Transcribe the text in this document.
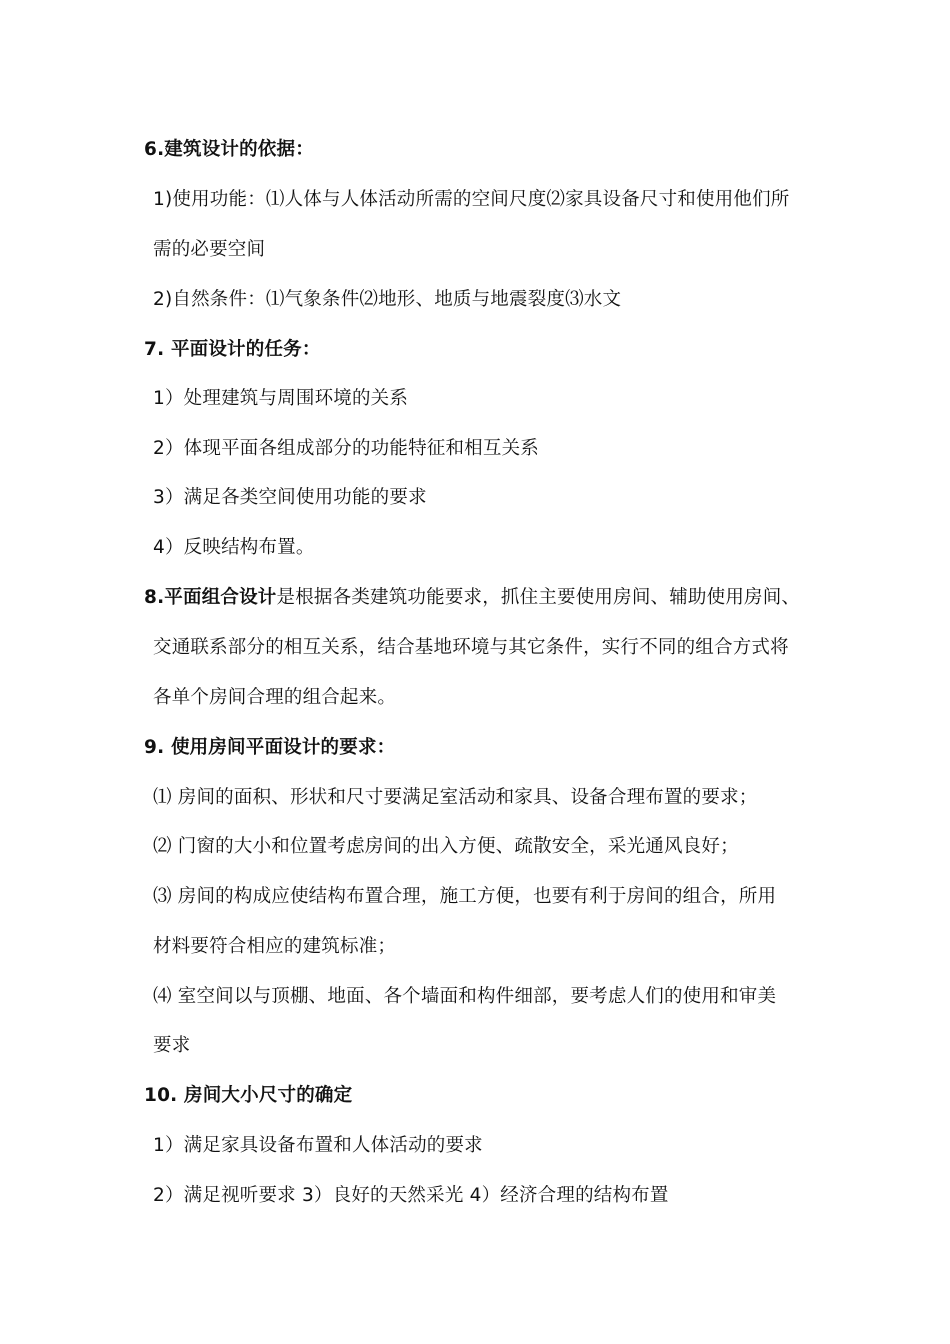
6.建筑设计的依据：
1)使用功能：⑴人体与人体活动所需的空间尺度⑵家具设备尺寸和使用他们所
需的必要空间
2)自然条件：⑴气象条件⑵地形、地质与地震裂度⑶水文
7. 平面设计的任务：
1）处理建筑与周围环境的关系
2）体现平面各组成部分的功能特征和相互关系
3）满足各类空间使用功能的要求
4）反映结构布置。
8.平面组合设计是根据各类建筑功能要求，抓住主要使用房间、辅助使用房间、
交通联系部分的相互关系，结合基地环境与其它条件，实行不同的组合方式将
各单个房间合理的组合起来。
9. 使用房间平面设计的要求：
⑴ 房间的面积、形状和尺寸要满足室活动和家具、设备合理布置的要求；
⑵ 门窗的大小和位置考虑房间的出入方便、疏散安全，采光通风良好；
⑶ 房间的构成应使结构布置合理，施工方便，也要有利于房间的组合，所用
材料要符合相应的建筑标准；
⑷ 室空间以与顶棚、地面、各个墙面和构件细部，要考虑人们的使用和审美
要求
10. 房间大小尺寸的确定
1）满足家具设备布置和人体活动的要求
2）满足视听要求 3）良好的天然采光 4）经济合理的结构布置
